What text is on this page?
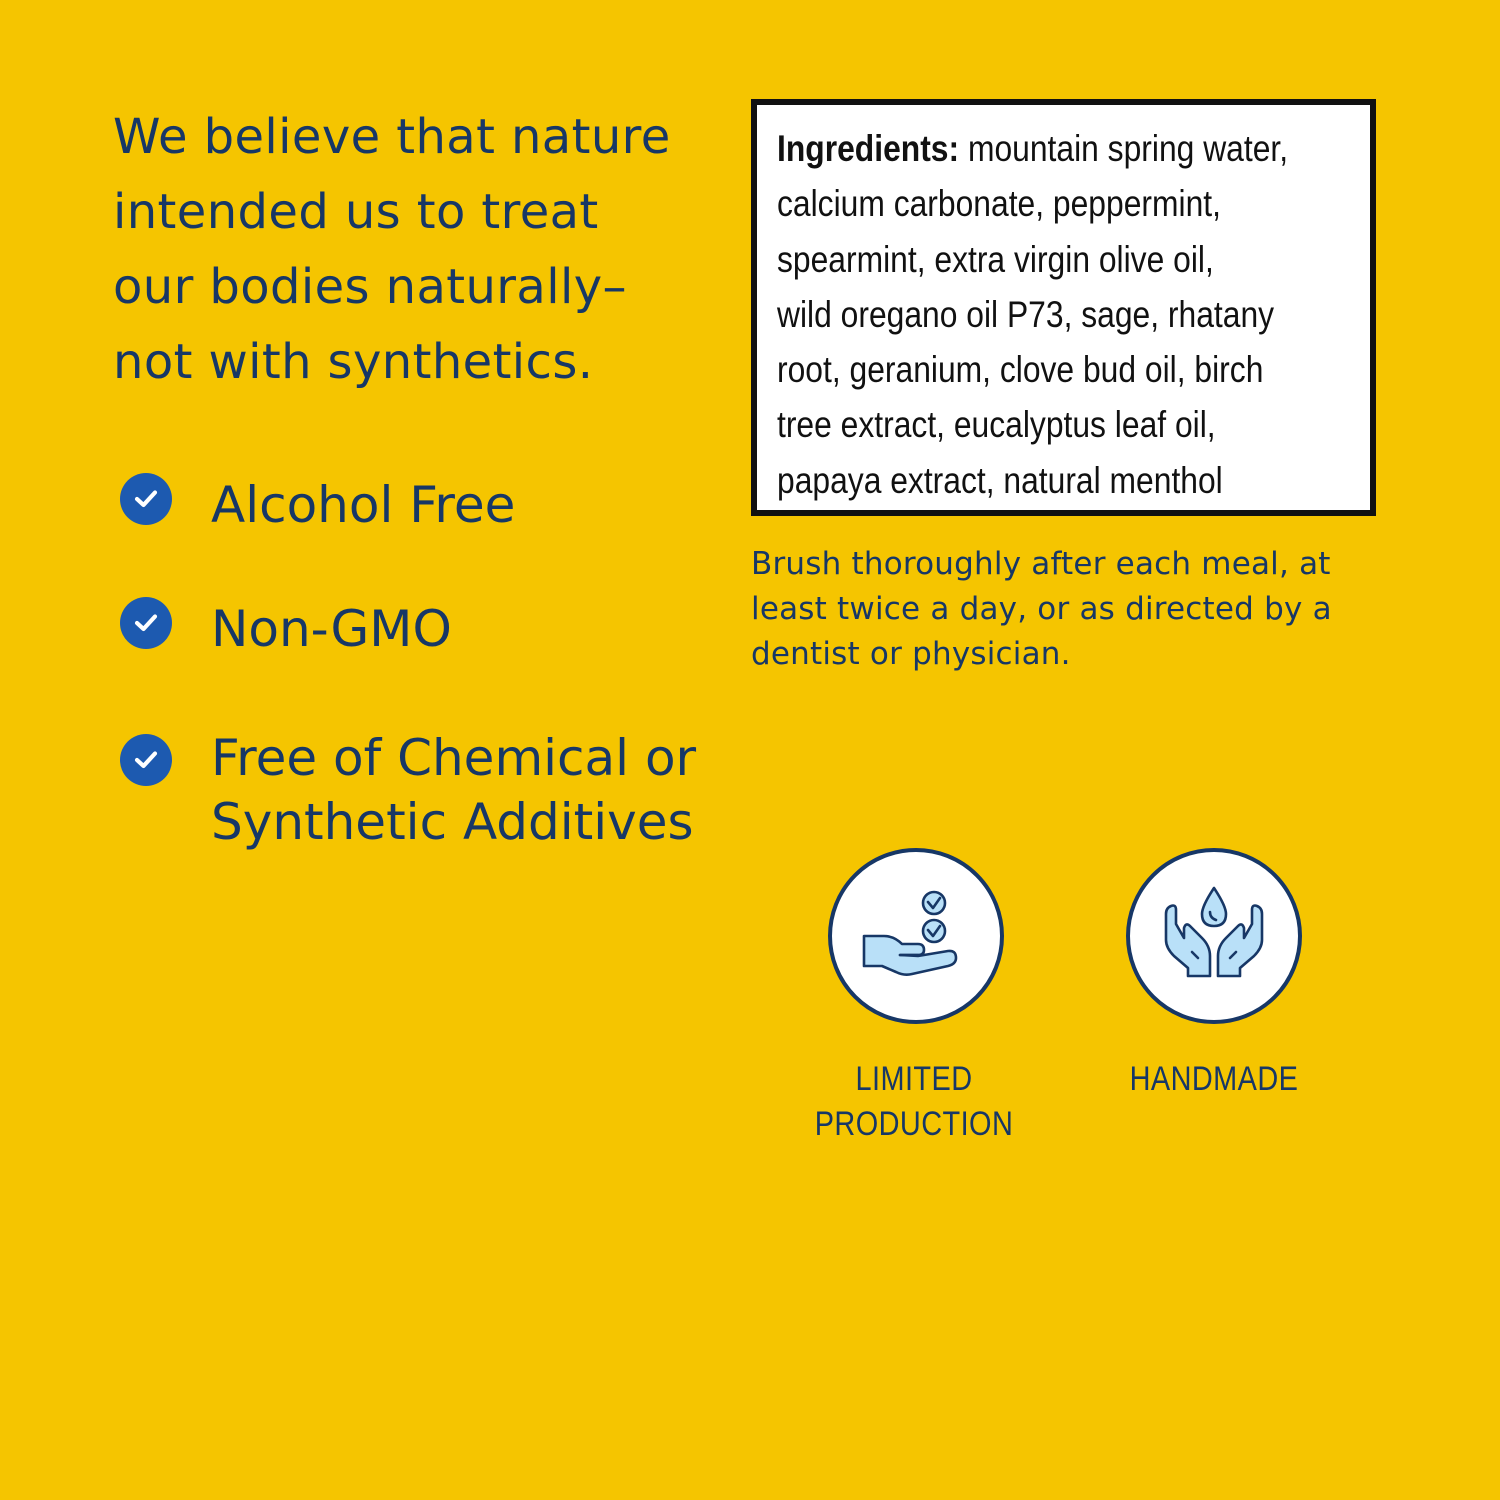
We believe that nature
intended us to treat
our bodies naturally–
not with synthetics.
Alcohol Free
Non-GMO
Free of Chemical or
Synthetic Additives
Ingredients: mountain spring water,
calcium carbonate, peppermint,
spearmint, extra virgin olive oil,
wild oregano oil P73, sage, rhatany
root, geranium, clove bud oil, birch
tree extract, eucalyptus leaf oil,
papaya extract, natural menthol
Brush thoroughly after each meal, at
least twice a day, or as directed by a
dentist or physician.
LIMITED
PRODUCTION
HANDMADE
